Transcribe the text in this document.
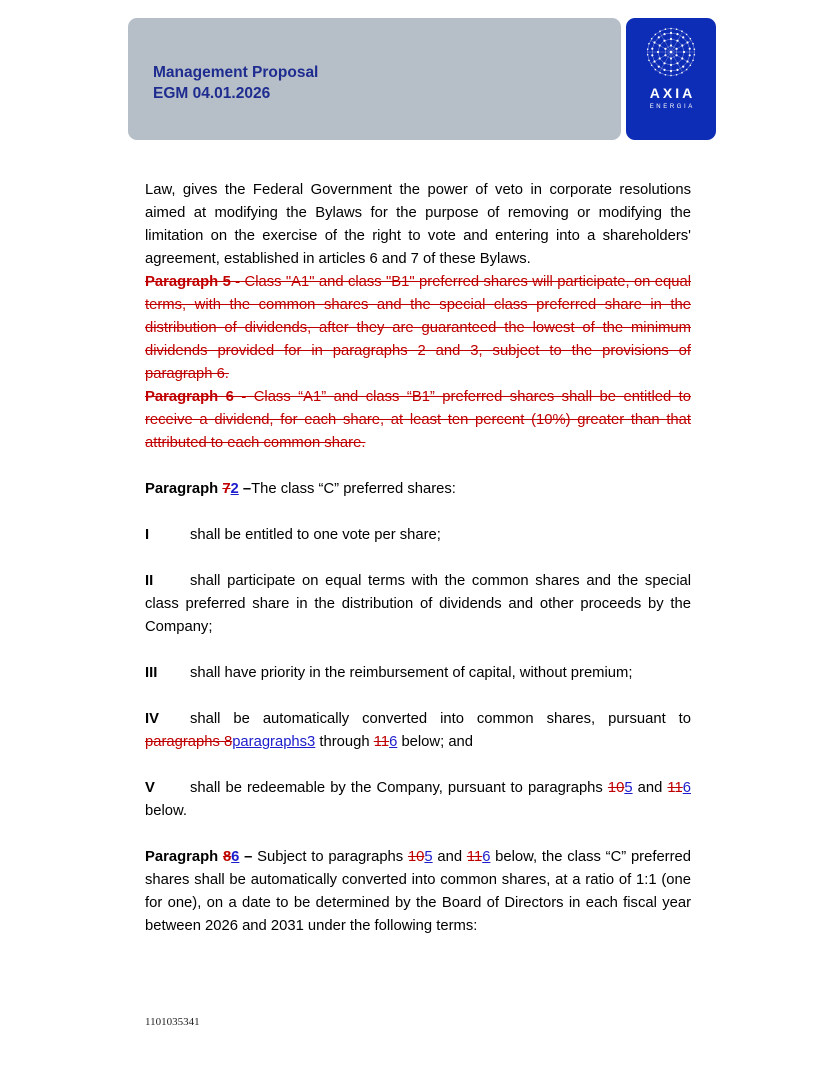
Management Proposal
EGM 04.01.2026	AXIA
ENERGIA

Law, gives the Federal Government the power of veto in corporate resolutions aimed at modifying the Bylaws for the purpose of removing or modifying the limitation on the exercise of the right to vote and entering into a shareholders' agreement, established in articles 6 and 7 of these Bylaws.

Paragraph 5 - Class "A1" and class "B1" preferred shares will participate, on equal terms, with the common shares and the special class preferred share in the distribution of dividends, after they are guaranteed the lowest of the minimum dividends provided for in paragraphs 2 and 3, subject to the provisions of paragraph 6.

Paragraph 6 - Class “A1” and class “B1” preferred shares shall be entitled to receive a dividend, for each share, at least ten percent (10%) greater than that attributed to each common share.

Paragraph 72 –The class “C” preferred shares:

I	shall be entitled to one vote per share;

II shall participate on equal terms with the common shares and the special class preferred share in the distribution of dividends and other proceeds by the Company;

III shall have priority in the reimbursement of capital, without premium;

IV shall be automatically converted into common shares, pursuant to paragraphs 8paragraphs3 through 116 below; and

V shall be redeemable by the Company, pursuant to paragraphs 105 and 116 below.

Paragraph 86 – Subject to paragraphs 105 and 116 below, the class “C” preferred shares shall be automatically converted into common shares, at a ratio of 1:1 (one for one), on a date to be determined by the Board of Directors in each fiscal year between 2026 and 2031 under the following terms:

1101035341
